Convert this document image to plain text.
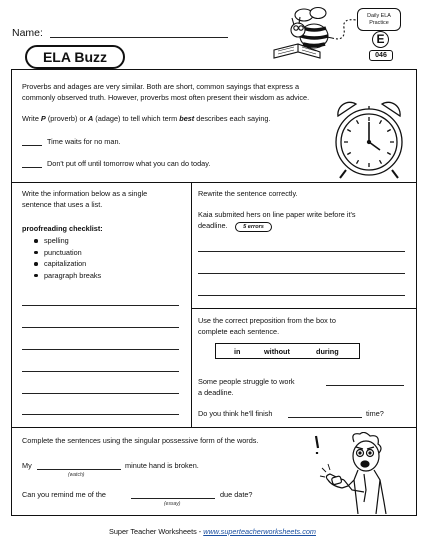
Name:
ELA Buzz
Daily ELA
Practice
E
046
Proverbs and adages are very similar. Both are short, common sayings that express a
commonly observed truth. However, proverbs most often present their wisdom as advice.
Write P (proverb) or A (adage) to tell which term best describes each saying.
Time waits for no man.
Don't put off until tomorrow what you can do today.
Write the information below as a single
sentence that uses a list.
proofreading checklist:
spelling
punctuation
capitalization
paragraph breaks
Rewrite the sentence correctly.
Kaia submited hers on line paper write before it's
deadline.	5 errors
Use the correct preposition from the box to
complete each sentence.
in	without	during
Some people struggle to work
a deadline.
Do you think he'll finish	time?
Complete the sentences using the singular possessive form of the words.
My
(watch)
minute hand is broken.
Can you remind me of the
(essay)
due date?
Super Teacher Worksheets - www.superteacherworksheets.com
